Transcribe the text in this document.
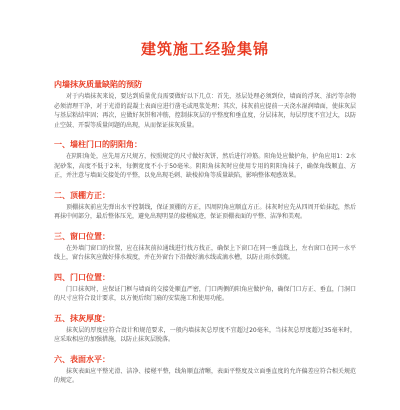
建筑施工经验集锦
内墙抹灰质量缺陷的预防
对于内墙抹灰来说，要达到质量优良需要做好以下几点：首先，基层处理必须到位，墙面的浮灰、油污等杂物必须清理干净，对于光滑的混凝土表面应进行凿毛或甩浆处理；其次，抹灰前应提前一天浇水湿润墙面，使抹灰层与基层粘结牢固；再次，应做好灰饼和冲筋，控制抹灰层的平整度和垂直度，分层抹灰，每层厚度不宜过大，以防止空鼓、开裂等质量问题的出现，从而保证抹灰质量。
一、墙柱门口的阴阳角：
在阴阳角处，应先用方尺规方，按照规定的尺寸做好灰饼，然后进行冲筋。阳角处应做护角，护角应用1：2水泥砂浆，高度不低于2米，每侧宽度不小于50毫米。阴阳角抹灰时应使用专用的阴阳角抹子，确保角线顺直、方正，并注意与墙面交接处的平整，以免出现毛刺、缺棱掉角等质量缺陷，影响整体观感效果。
二、顶棚方正：
顶棚抹灰前应先弹出水平控制线，保证顶棚的方正，四周阴角应顺直方正。抹灰时应先从四周开始抹起，然后再抹中间部分，最后整体压光，避免出现明显的接槎痕迹，保证顶棚表面的平整、洁净和美观。
三、窗口位置：
在外墙门窗口的位置，应在抹灰前拉通线进行找方找正，确保上下窗口在同一垂直线上，左右窗口在同一水平线上，窗台抹灰应做好排水坡度，并在外窗台下沿做好滴水线或滴水槽，以防止雨水倒流。
四、门口位置：
门口抹灰时，应保证门框与墙面的交接处顺直严密，门口两侧的阳角应做护角，确保门口方正、垂直，门洞口的尺寸应符合设计要求，以方便后续门扇的安装施工和使用功能。
五、抹灰厚度：
抹灰层的厚度应符合设计和规范要求，一般内墙抹灰总厚度不宜超过20毫米，当抹灰总厚度超过35毫米时，应采取相应的加强措施，以防止抹灰层脱落。
六、表面水平：
抹灰表面应平整光滑、洁净、接槎平整，线角顺直清晰，表面平整度及立面垂直度的允许偏差应符合相关规范的规定。
